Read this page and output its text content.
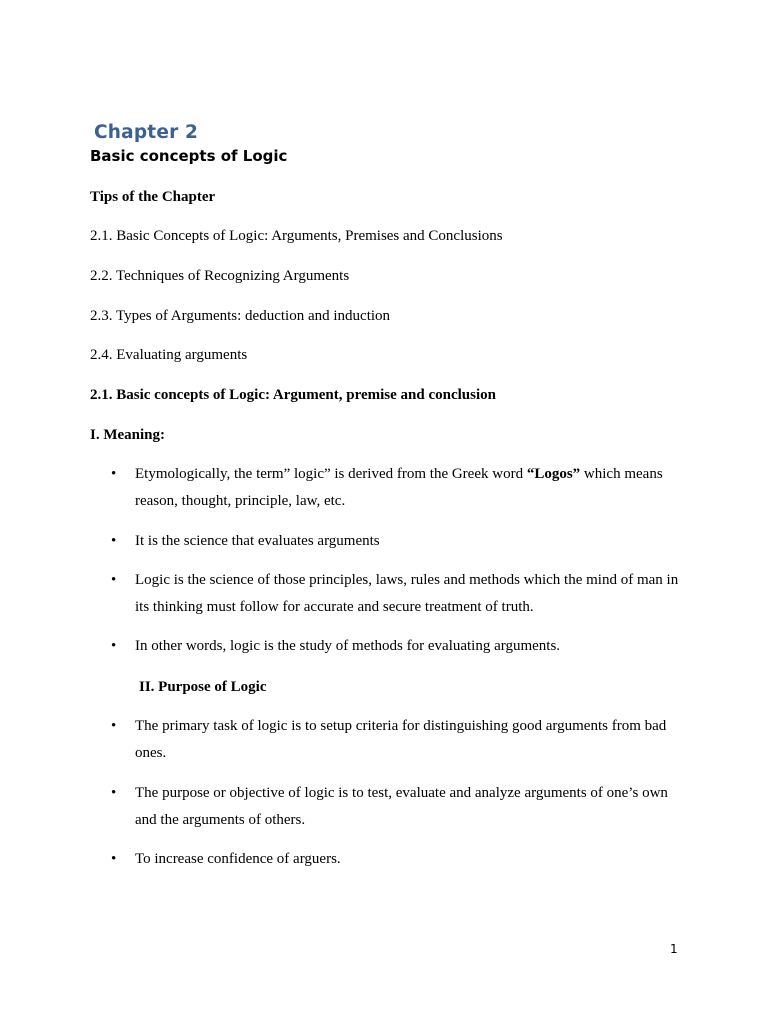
Chapter 2
Basic concepts of Logic
Tips of the Chapter
2.1. Basic Concepts of Logic: Arguments, Premises and Conclusions
2.2. Techniques of Recognizing Arguments
2.3. Types of Arguments: deduction and induction
2.4. Evaluating arguments
2.1. Basic concepts of Logic: Argument, premise and conclusion
I. Meaning:
• Etymologically, the term” logic” is derived from the Greek word “Logos” which means reason, thought, principle, law, etc.
• It is the science that evaluates arguments
• Logic is the science of those principles, laws, rules and methods which the mind of man in its thinking must follow for accurate and secure treatment of truth.
• In other words, logic is the study of methods for evaluating arguments.
II. Purpose of Logic
• The primary task of logic is to setup criteria for distinguishing good arguments from bad ones.
• The purpose or objective of logic is to test, evaluate and analyze arguments of one’s own and the arguments of others.
• To increase confidence of arguers.
1
